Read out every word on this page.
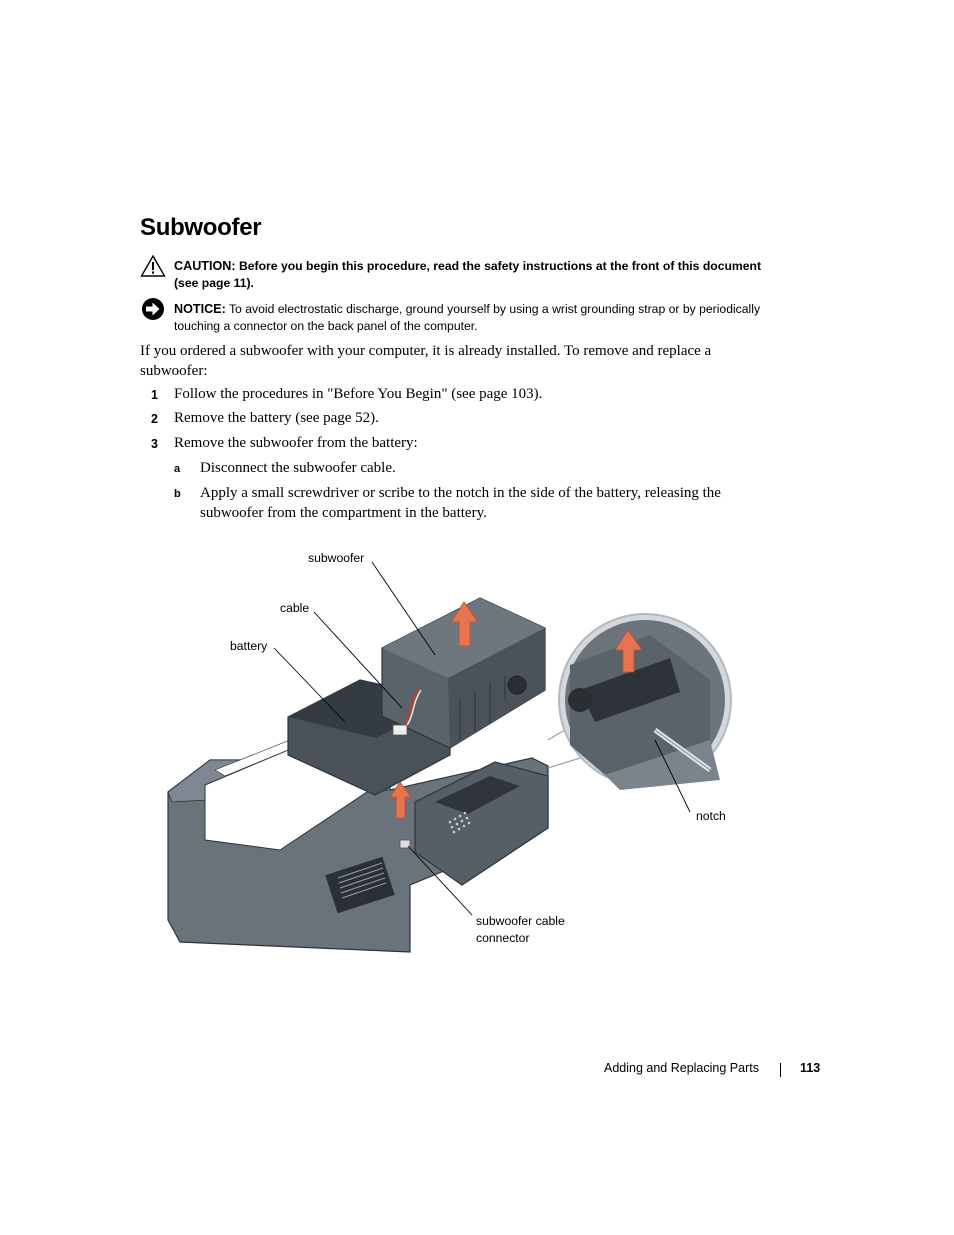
Subwoofer
CAUTION: Before you begin this procedure, read the safety instructions at the front of this document (see page 11).
NOTICE: To avoid electrostatic discharge, ground yourself by using a wrist grounding strap or by periodically touching a connector on the back panel of the computer.
If you ordered a subwoofer with your computer, it is already installed. To remove and replace a subwoofer:
1 Follow the procedures in "Before You Begin" (see page 103).
2 Remove the battery (see page 52).
3 Remove the subwoofer from the battery:
a Disconnect the subwoofer cable.
b Apply a small screwdriver or scribe to the notch in the side of the battery, releasing the subwoofer from the compartment in the battery.
subwoofer
cable
battery
notch
subwoofer cable
connector
Adding and Replacing Parts	113
